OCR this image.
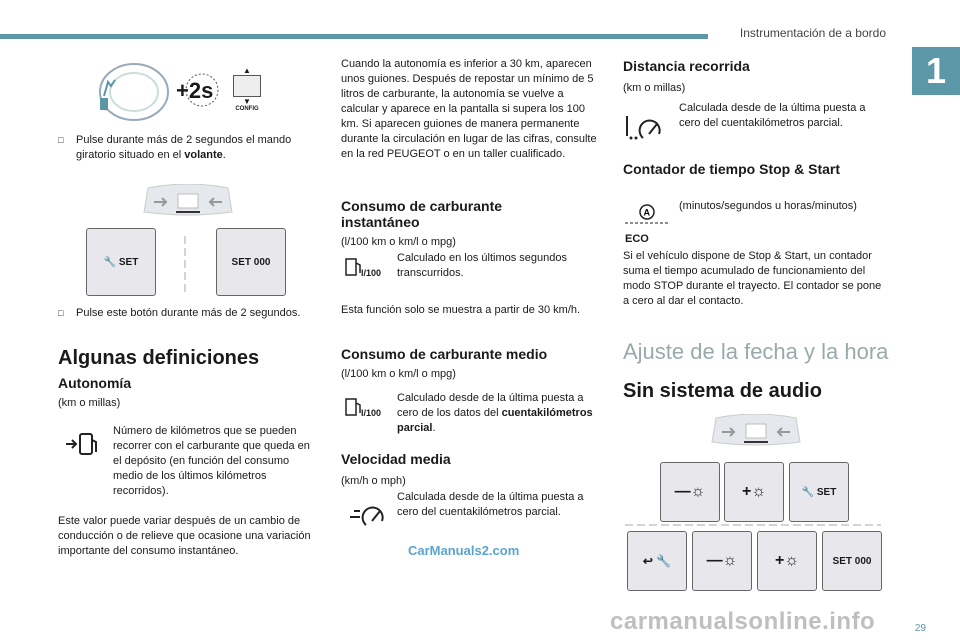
Instrumentación de a bordo
1
29
+2s
▲
▼
CONFIG
□	Pulse durante más de 2 segundos el mando giratorio situado en el volante.
🔧 SET	SET 000
□	Pulse este botón durante más de 2 segundos.
Algunas definiciones
Autonomía
(km o millas)
Número de kilómetros que se pueden recorrer con el carburante que queda en el depósito (en función del consumo medio de los últimos kilómetros recorridos).
Este valor puede variar después de un cambio de conducción o de relieve que ocasione una variación importante del consumo instantáneo.
Cuando la autonomía es inferior a 30 km, aparecen unos guiones. Después de repostar un mínimo de 5 litros de carburante, la autonomía se vuelve a calcular y aparece en la pantalla si supera los 100 km. Si aparecen guiones de manera permanente durante la circulación en lugar de las cifras, consulte en la red PEUGEOT o en un taller cualificado.
Consumo de carburante instantáneo
(l/100 km o km/l o mpg)
l/100
Calculado en los últimos segundos transcurridos.
Esta función solo se muestra a partir de 30 km/h.
Consumo de carburante medio
(l/100 km o km/l o mpg)
l/100
Calculado desde de la última puesta a cero de los datos del cuentakilómetros parcial.
Velocidad media
(km/h o mph)
Calculada desde de la última puesta a cero del cuentakilómetros parcial.
Distancia recorrida
(km o millas)
Calculada desde de la última puesta a cero del cuentakilómetros parcial.
Contador de tiempo Stop & Start
A
ECO
(minutos/segundos u horas/minutos)
Si el vehículo dispone de Stop & Start, un contador suma el tiempo acumulado de funcionamiento del modo STOP durante el trayecto. El contador se pone a cero al dar el contacto.

Ajuste de la fecha y la hora

Sin sistema de audio
— ☼ + ☼	🔧 SET
↩
🔧 — ☼ + ☼	SET 000
CarManuals2.com
carmanualsonline.info
